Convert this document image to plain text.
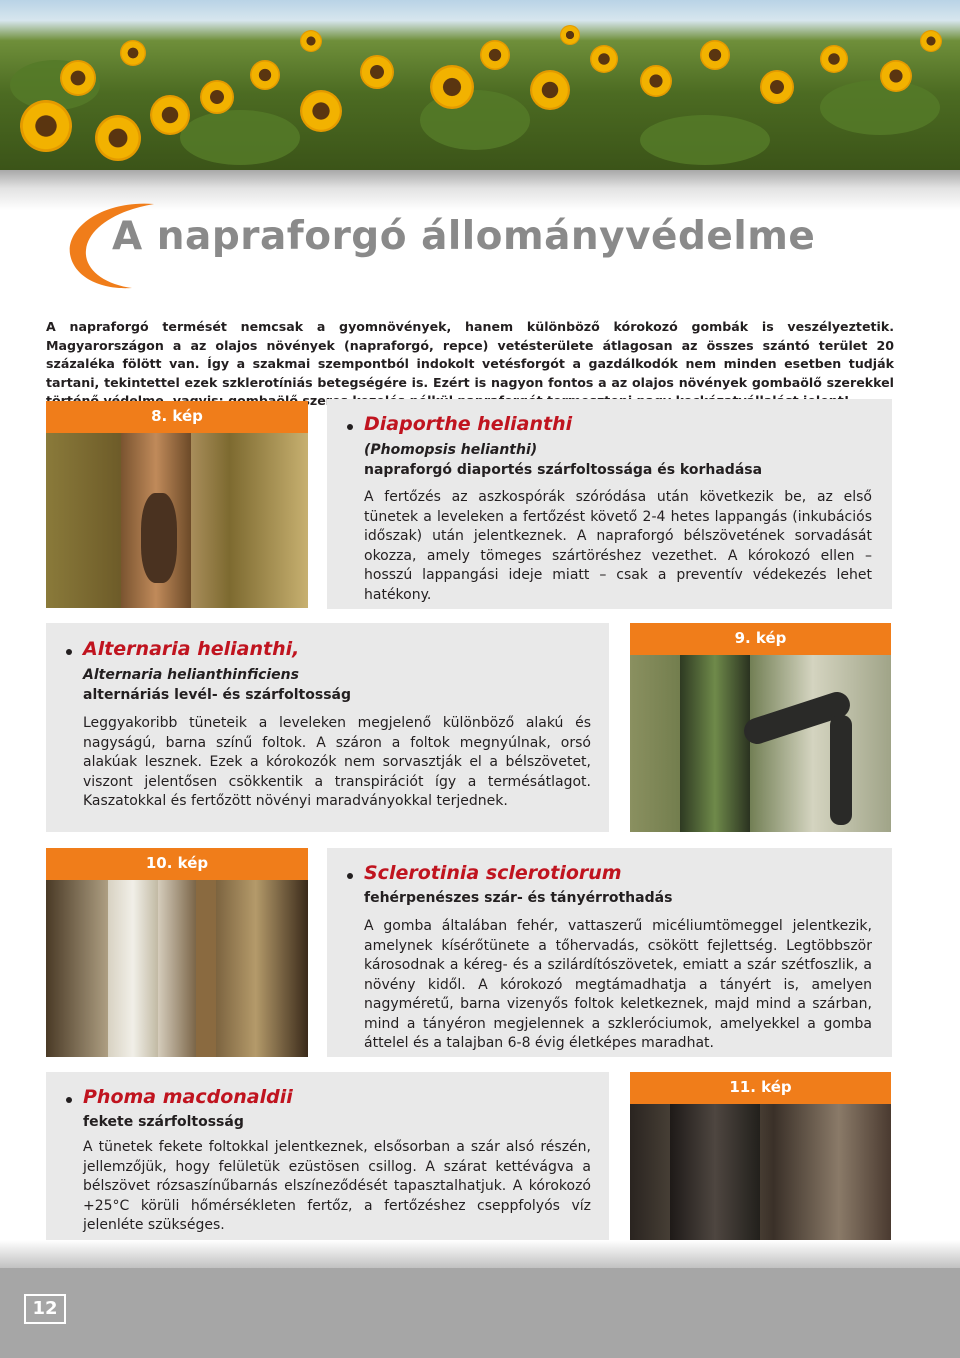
A napraforgó állományvédelme
A napraforgó termését nemcsak a gyomnövények, hanem különböző kórokozó gombák is veszélyeztetik. Magyarországon a az olajos növények (napraforgó, repce) vetésterülete átlagosan az összes szántó terület 20 százaléka fölött van. Így a szakmai szempontból indokolt vetésforgót a gazdálkodók nem minden esetben tudják tartani, tekintettel ezek szklerotíniás betegségére is. Ezért is nagyon fontos a az olajos növények gombaölő szerekkel szeres
8. kép	Diaporthe helianthi
(Phomopsis helianthi)
napraforgó diaportés szárfoltossága és korhadása
A fertőzés az aszkospórák szóródása után következik be, az első tünetek a leveleken a fertőzést követő 2-4 hetes lappangás (inkubációs időszak) után jelentkeznek. A napraforgó bélszövetének sorvadását okozza, amely tömeges szártöréshez vezethet. A kórokozó ellen – hosszú lappangási ideje miatt – csak a preventív védekezés lehet hatékony.
Alternaria helianthi,
Alternaria helianthinficiens
alternáriás levél- és szárfoltosság
Leggyakoribb tüneteik a leveleken megjelenő különböző alakú és nagyságú, barna színű foltok. A száron a foltok megnyúlnak, orsó alakúak lesznek. Ezek a kórokozók nem sorvasztják el a bélszövetet, viszont jelentősen csökkentik a transpirációt így a termésátlagot. Kaszatokkal és fertőzött növényi maradványokkal terjednek.
9. kép
10. kép	Sclerotinia sclerotiorum
fehérpenészes szár- és tányérrothadás
A gomba általában fehér, vattaszerű micéliumtömeggel jelentkezik, amelynek kísérőtünete a tőhervadás, csökött fejlettség. Legtöbbször károsodnak a kéreg- és a szilárdítószövetek, emiatt a szár szétfoszlik, a növény kidől. A kórokozó megtámadhatja a tányért is, amelyen nagyméretű, barna vizenyős foltok keletkeznek, majd mind a szárban, mind a tányéron megjelennek a szkleróciumok, amelyekkel a gomba áttelel és a talajban 6-8 évig életképes maradhat.
Phoma macdonaldii
fekete szárfoltosság
A tünetek fekete foltokkal jelentkeznek, elsősorban a szár alsó részén, jellemzőjük, hogy felületük ezüstösen csillog. A szárat kettévágva a bélszövet rózsaszínűbarnás elszíneződését tapasztalhatjuk. A kórokozó +25°C körüli hőmérsékleten fertőz, a fertőzéshez cseppfolyós víz jelenléte szükséges.
11. kép
12
